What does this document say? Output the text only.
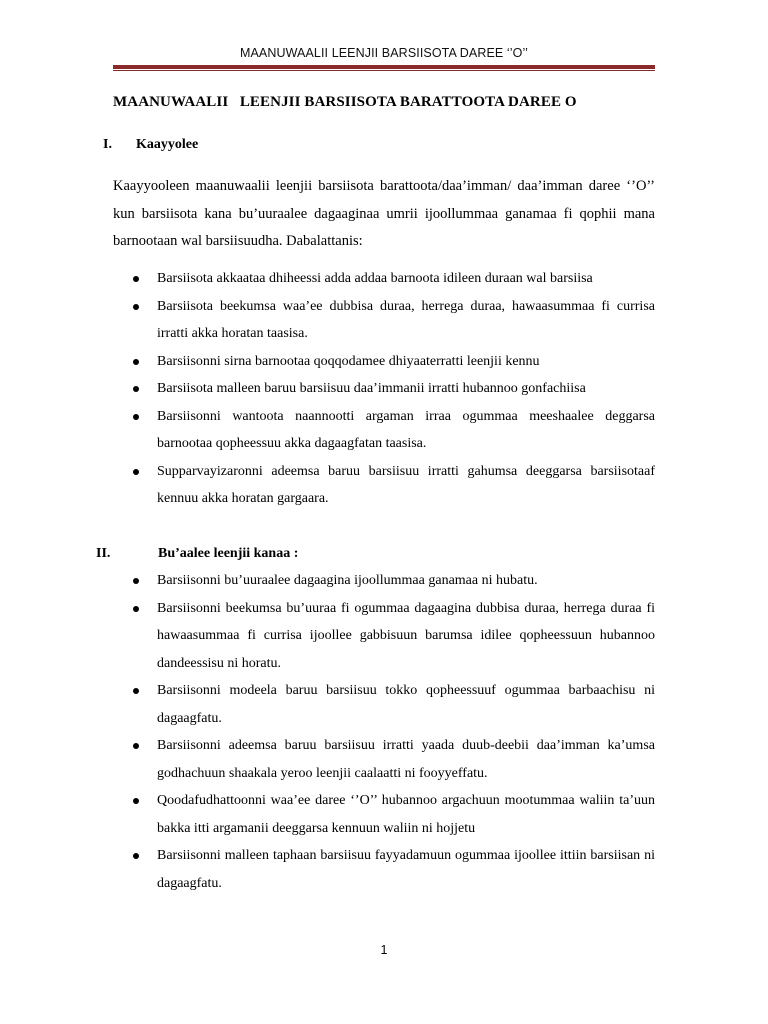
MAANUWAALII LEENJII BARSIISOTA DAREE ‘’O’’
MAANUWAALII   LEENJII BARSIISOTA BARATTOOTA DAREE O
I. Kaayyolee

Kaayyooleen maanuwaalii leenjii barsiisota barattoota/daa’imman/ daa’imman daree ‘’O’’ kun barsiisota kana bu’uuraalee dagaaginaa umrii ijoollummaa ganamaa fi qophii mana barnootaan wal barsiisuudha. Dabalattanis:

Barsiisota akkaataa dhiheessi adda addaa barnoota idileen duraan wal barsiisa
Barsiisota beekumsa waa’ee dubbisa duraa, herrega duraa, hawaasummaa fi currisa irratti akka horatan taasisa.
Barsiisonni sirna barnootaa qoqqodamee dhiyaaterratti leenjii kennu
Barsiisota malleen baruu barsiisuu daa’immanii irratti hubannoo gonfachiisa
Barsiisonni wantoota naannootti argaman irraa ogummaa meeshaalee deggarsa barnootaa qopheessuu akka dagaagfatan taasisa.
Supparvayizaronni adeemsa baruu barsiisuu irratti gahumsa deeggarsa barsiisotaaf kennuu akka horatan gargaara.
II.	Bu’aalee leenjii kanaa :
Barsiisonni bu’uuraalee dagaagina ijoollummaa ganamaa ni hubatu.
Barsiisonni beekumsa bu’uuraa fi ogummaa dagaagina dubbisa duraa, herrega duraa fi hawaasummaa fi currisa ijoollee gabbisuun barumsa idilee qopheessuun hubannoo dandeessisu ni horatu.
Barsiisonni modeela baruu barsiisuu tokko qopheessuuf ogummaa barbaachisu ni dagaagfatu.
Barsiisonni adeemsa baruu barsiisuu irratti yaada duub-deebii daa’imman ka’umsa godhachuun shaakala yeroo leenjii caalaatti ni fooyyeffatu.
Qoodafudhattoonni waa’ee daree ‘’O’’ hubannoo argachuun mootummaa waliin ta’uun bakka itti argamanii deeggarsa kennuun waliin ni hojjetu
Barsiisonni malleen taphaan barsiisuu fayyadamuun ogummaa ijoollee ittiin barsiisan ni dagaagfatu.
1
